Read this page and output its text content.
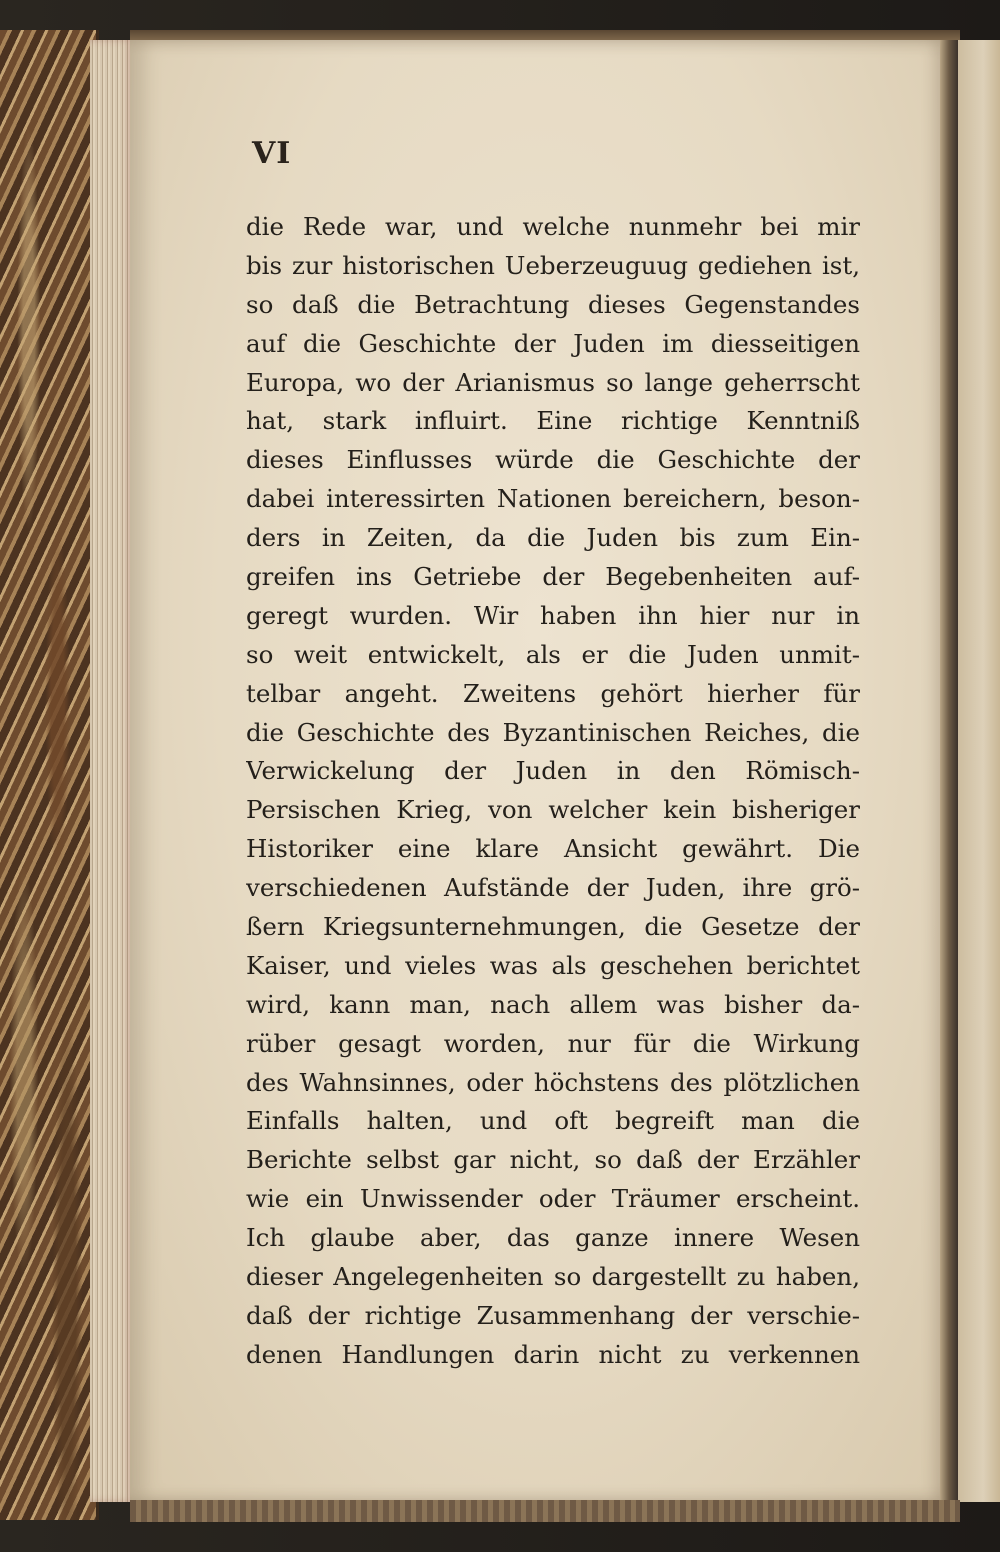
VI
die Rede war, und welche nunmehr bei mir
bis zur historischen Ueberzeuguug gediehen ist,
so daß die Betrachtung dieses Gegenstandes
auf die Geschichte der Juden im diesseitigen
Europa, wo der Arianismus so lange geherrscht
hat, stark influirt. Eine richtige Kenntniß
dieses Einflusses würde die Geschichte der
dabei interessirten Nationen bereichern, beson-
ders in Zeiten, da die Juden bis zum Ein-
greifen ins Getriebe der Begebenheiten auf-
geregt wurden. Wir haben ihn hier nur in
so weit entwickelt, als er die Juden unmit-
telbar angeht. Zweitens gehört hierher für
die Geschichte des Byzantinischen Reiches, die
Verwickelung der Juden in den Römisch-
Persischen Krieg, von welcher kein bisheriger
Historiker eine klare Ansicht gewährt. Die
verschiedenen Aufstände der Juden, ihre grö-
ßern Kriegsunternehmungen, die Gesetze der
Kaiser, und vieles was als geschehen berichtet
wird, kann man, nach allem was bisher da-
rüber gesagt worden, nur für die Wirkung
des Wahnsinnes, oder höchstens des plötzlichen
Einfalls halten, und oft begreift man die
Berichte selbst gar nicht, so daß der Erzähler
wie ein Unwissender oder Träumer erscheint.
Ich glaube aber, das ganze innere Wesen
dieser Angelegenheiten so dargestellt zu haben,
daß der richtige Zusammenhang der verschie-
denen Handlungen darin nicht zu verkennen
